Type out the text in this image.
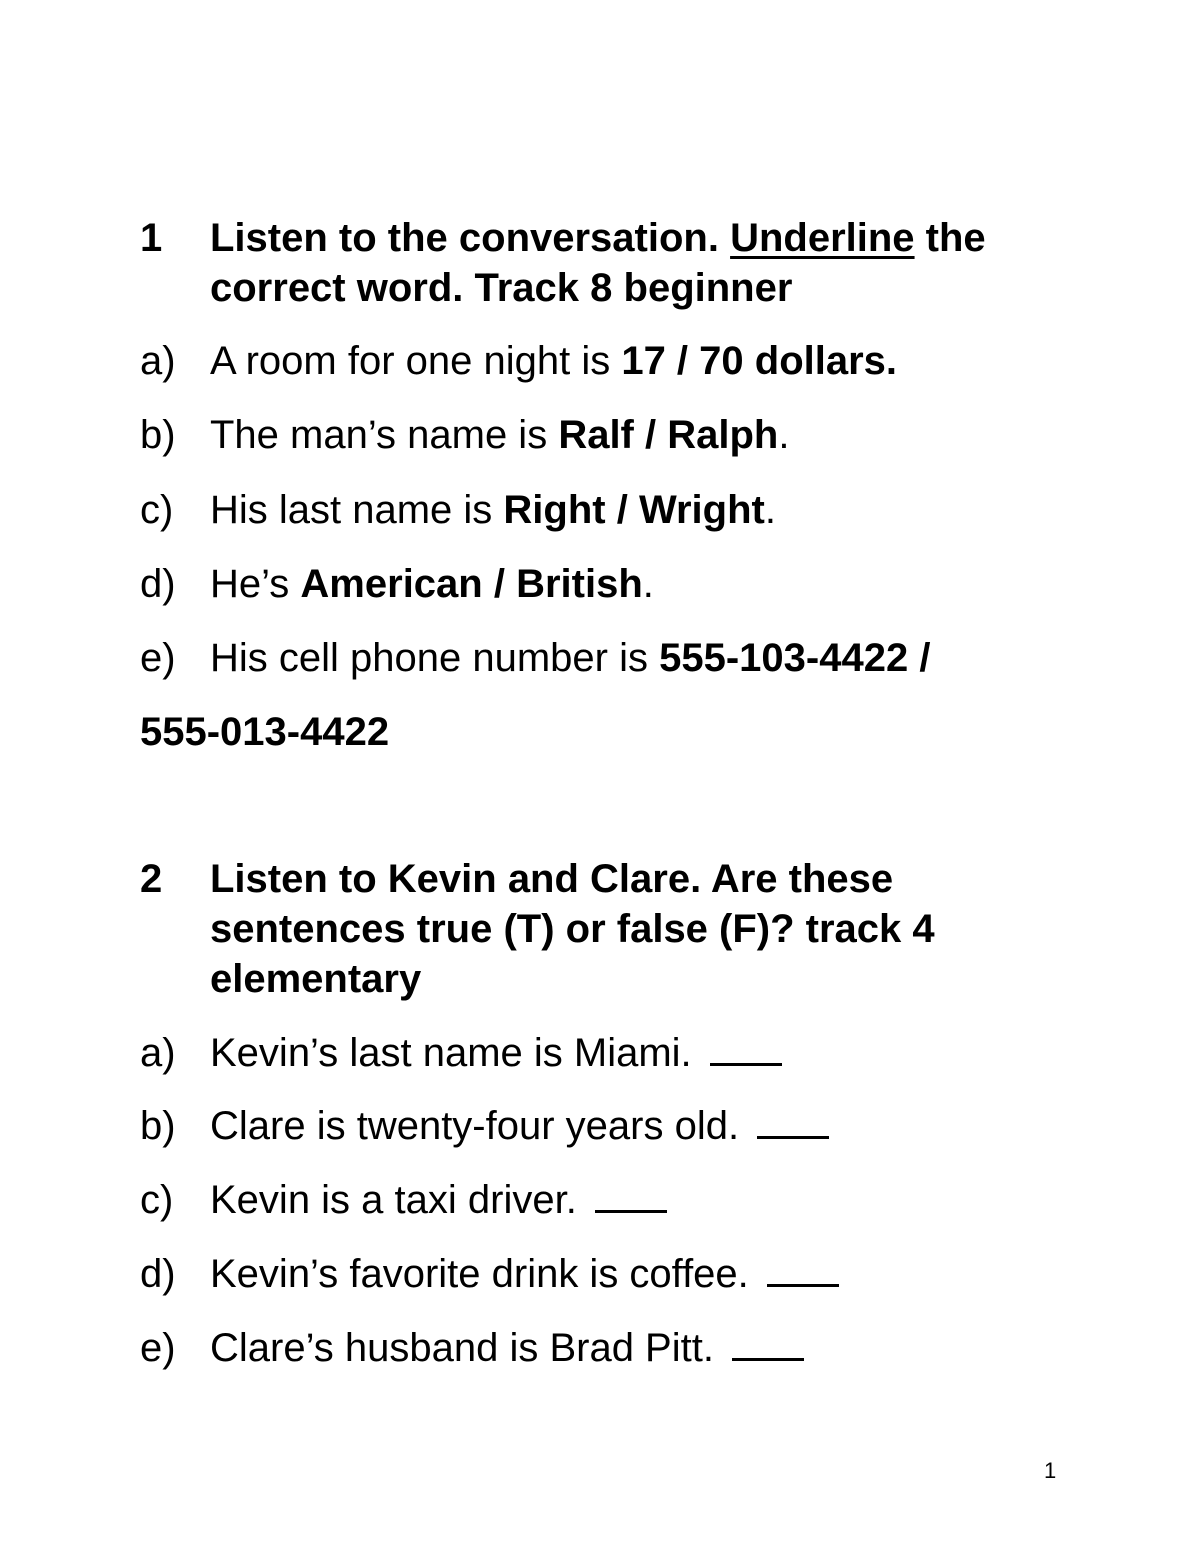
1 Listen to the conversation. Underline the
correct word. Track 8 beginner
a) A room for one night is 17 / 70 dollars.
b) The man’s name is Ralf / Ralph.
c) His last name is Right / Wright.
d) He’s American / British.
e) His cell phone number is 555-103-4422 /
555-013-4422
2 Listen to Kevin and Clare. Are these
sentences true (T) or false (F)? track 4
elementary
a) Kevin’s last name is Miami.
b) Clare is twenty-four years old.
c) Kevin is a taxi driver.
d) Kevin’s favorite drink is coffee.
e) Clare’s husband is Brad Pitt.
1
